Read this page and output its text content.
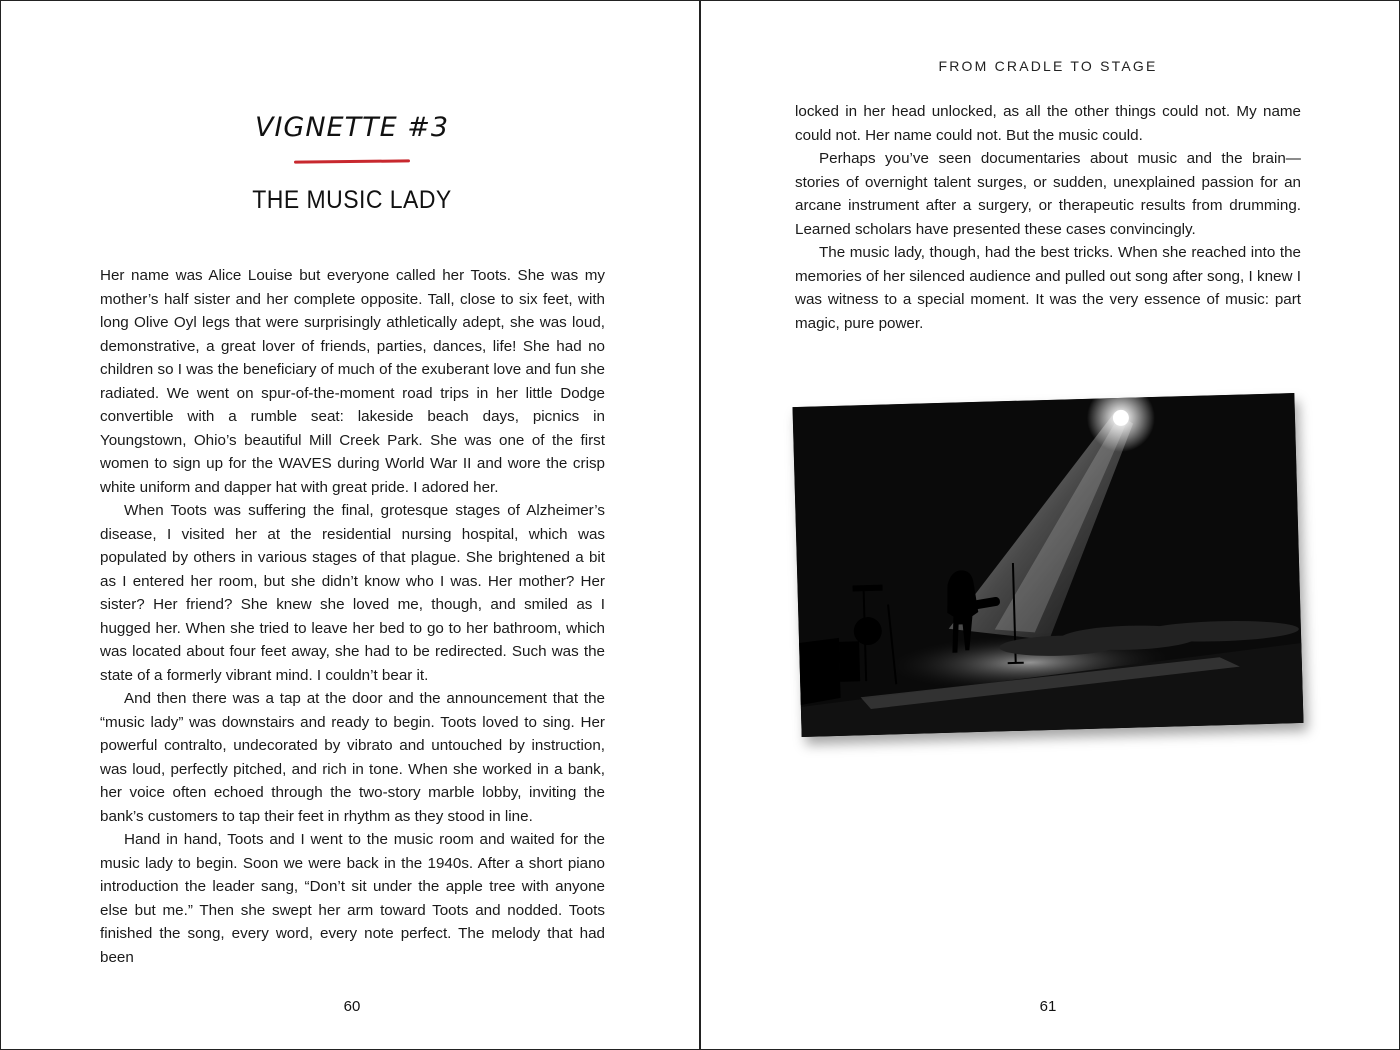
VIGNETTE #3
THE MUSIC LADY

Her name was Alice Louise but everyone called her Toots. She was my mother’s half sister and her complete opposite. Tall, close to six feet, with long Olive Oyl legs that were surprisingly athletically adept, she was loud, demonstrative, a great lover of friends, parties, dances, life! She had no children so I was the beneficiary of much of the exuberant love and fun she radiated. We went on spur-of-the-moment road trips in her little Dodge convertible with a rumble seat: lakeside beach days, picnics in Youngstown, Ohio’s beautiful Mill Creek Park. She was one of the first women to sign up for the WAVES during World War II and wore the crisp white uniform and dapper hat with great pride. I adored her.

When Toots was suffering the final, grotesque stages of Alzheimer’s disease, I visited her at the residential nursing hospital, which was populated by others in various stages of that plague. She brightened a bit as I entered her room, but she didn’t know who I was. Her mother? Her sister? Her friend? She knew she loved me, though, and smiled as I hugged her. When she tried to leave her bed to go to her bathroom, which was located about four feet away, she had to be redirected. Such was the state of a formerly vibrant mind. I couldn’t bear it.

And then there was a tap at the door and the announcement that the “music lady” was downstairs and ready to begin. Toots loved to sing. Her powerful contralto, undecorated by vibrato and untouched by instruction, was loud, perfectly pitched, and rich in tone. When she worked in a bank, her voice often echoed through the two-story marble lobby, inviting the bank’s customers to tap their feet in rhythm as they stood in line.

Hand in hand, Toots and I went to the music room and waited for the music lady to begin. Soon we were back in the 1940s. After a short piano introduction the leader sang, “Don’t sit under the apple tree with anyone else but me.” Then she swept her arm toward Toots and nodded. Toots finished the song, every word, every note perfect. The melody that had been

60
FROM CRADLE TO STAGE

locked in her head unlocked, as all the other things could not. My name could not. Her name could not. But the music could.

Perhaps you’ve seen documentaries about music and the brain—stories of overnight talent surges, or sudden, unexplained passion for an arcane instrument after a surgery, or therapeutic results from drumming. Learned scholars have presented these cases convincingly.

The music lady, though, had the best tricks. When she reached into the memories of her silenced audience and pulled out song after song, I knew I was witness to a special moment. It was the very essence of music: part magic, pure power.

61
